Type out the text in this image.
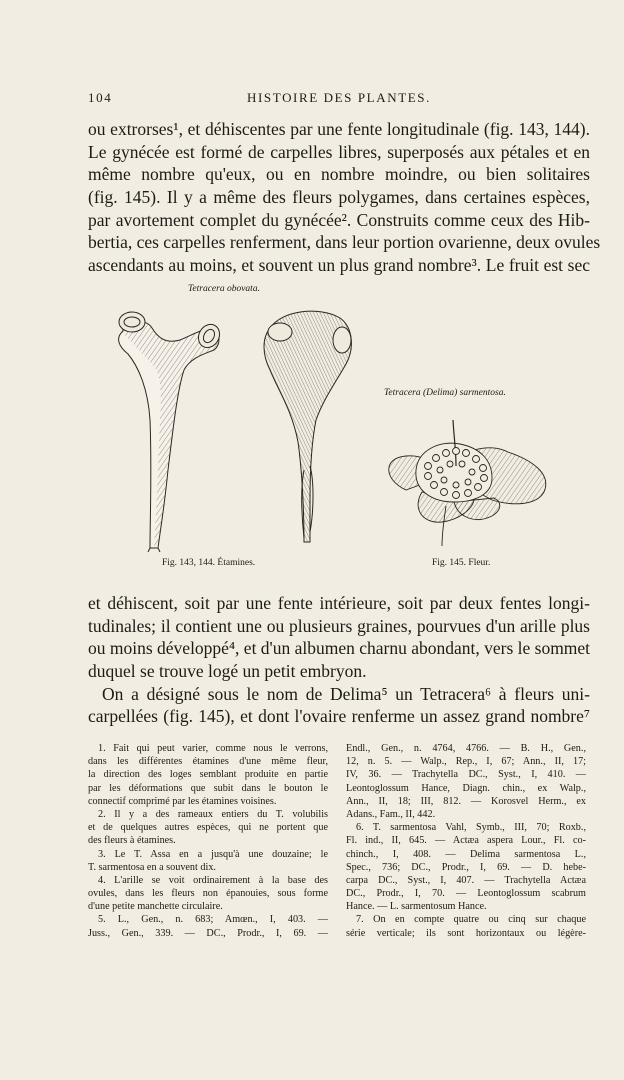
104	HISTOIRE DES PLANTES.
ou extrorses¹, et déhiscentes par une fente longitudinale (fig. 143, 144).
Le gynécée est formé de carpelles libres, superposés aux pétales et en
même nombre qu'eux, ou en nombre moindre, ou bien solitaires
(fig. 145). Il y a même des fleurs polygames, dans certaines espèces,
par avortement complet du gynécée². Construits comme ceux des Hib-
bertia, ces carpelles renferment, dans leur portion ovarienne, deux ovules
ascendants au moins, et souvent un plus grand nombre³. Le fruit est sec
Tetracera obovata.
Tetracera (Delima) sarmentosa.
Fig. 143, 144. Étamines.	Fig. 145. Fleur.
et déhiscent, soit par une fente intérieure, soit par deux fentes longi-
tudinales; il contient une ou plusieurs graines, pourvues d'un arille plus
ou moins développé⁴, et d'un albumen charnu abondant, vers le sommet
duquel se trouve logé un petit embryon.
On a désigné sous le nom de Delima⁵ un Tetracera⁶ à fleurs uni-
carpellées (fig. 145), et dont l'ovaire renferme un assez grand nombre⁷
1. Fait qui peut varier, comme nous le verrons,
dans les différentes étamines d'une même fleur,
la direction des loges semblant produite en partie
par les déformations que subit dans le bouton le
connectif comprimé par les étamines voisines.
2. Il y a des rameaux entiers du T. volubilis
et de quelques autres espèces, qui ne portent que
des fleurs à étamines.
3. Le T. Assa en a jusqu'à une douzaine; le
T. sarmentosa en a souvent dix.
4. L'arille se voit ordinairement à la base des
ovules, dans les fleurs non épanouies, sous forme
d'une petite manchette circulaire.
5. L., Gen., n. 683; Amœn., I, 403. —
Juss., Gen., 339. — DC., Prodr., I, 69. —
Endl., Gen., n. 4764, 4766. — B. H., Gen.,
12, n. 5. — Walp., Rep., I, 67; Ann., II, 17;
IV, 36. — Trachytella DC., Syst., I, 410. —
Leontoglossum Hance, Diagn. chin., ex Walp.,
Ann., II, 18; III, 812. — Korosvel Herm., ex
Adans., Fam., II, 442.
6. T. sarmentosa Vahl, Symb., III, 70; Roxb.,
Fl. ind., II, 645. — Actæa aspera Lour., Fl. co-
chinch., I, 408. — Delima sarmentosa L.,
Spec., 736; DC., Prodr., I, 69. — D. hebe-
carpa DC., Syst., I, 407. — Trachytella Actæa
DC., Prodr., I, 70. — Leontoglossum scabrum
Hance. — L. sarmentosum Hance.
7. On en compte quatre ou cinq sur chaque
série verticale; ils sont horizontaux ou légère-
